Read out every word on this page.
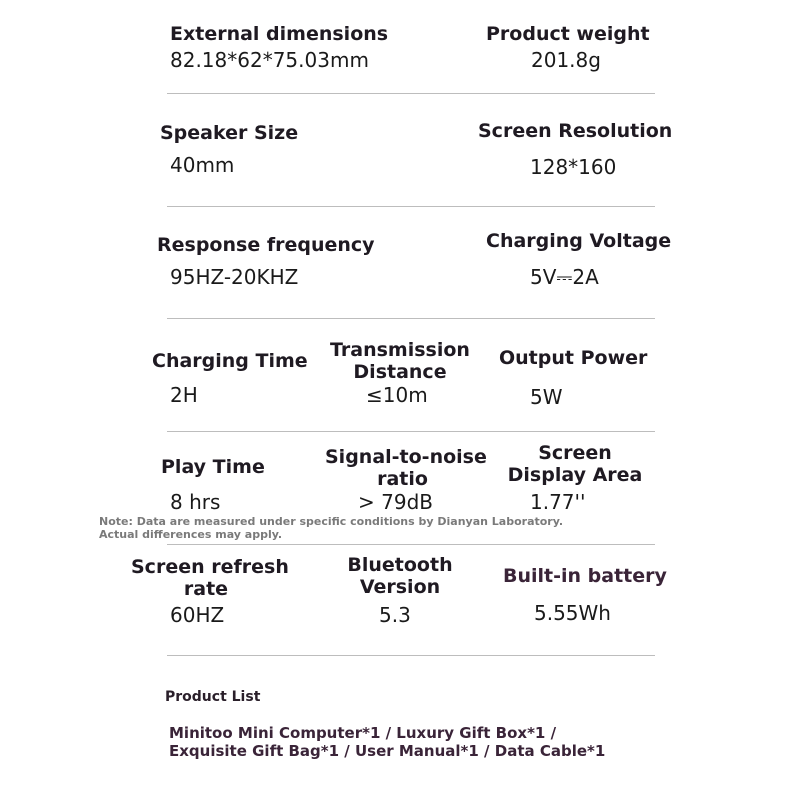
External dimensions
82.18*62*75.03mm
Product weight
201.8g
Speaker Size
40mm
Screen Resolution
128*160
Response frequency
95HZ-20KHZ
Charging Voltage
5V⎓2A
Charging Time
2H
Transmission
Distance
≤10m
Output Power
5W
Play Time
8 hrs
Signal-to-noise
ratio
> 79dB
Screen
Display Area
1.77''
Note: Data are measured under specific conditions by Dianyan Laboratory.
Actual differences may apply.
Screen refresh
rate
60HZ
Bluetooth
Version
5.3
Built-in battery
5.55Wh
Product List
Minitoo Mini Computer*1 / Luxury Gift Box*1 /
Exquisite Gift Bag*1 / User Manual*1 / Data Cable*1
